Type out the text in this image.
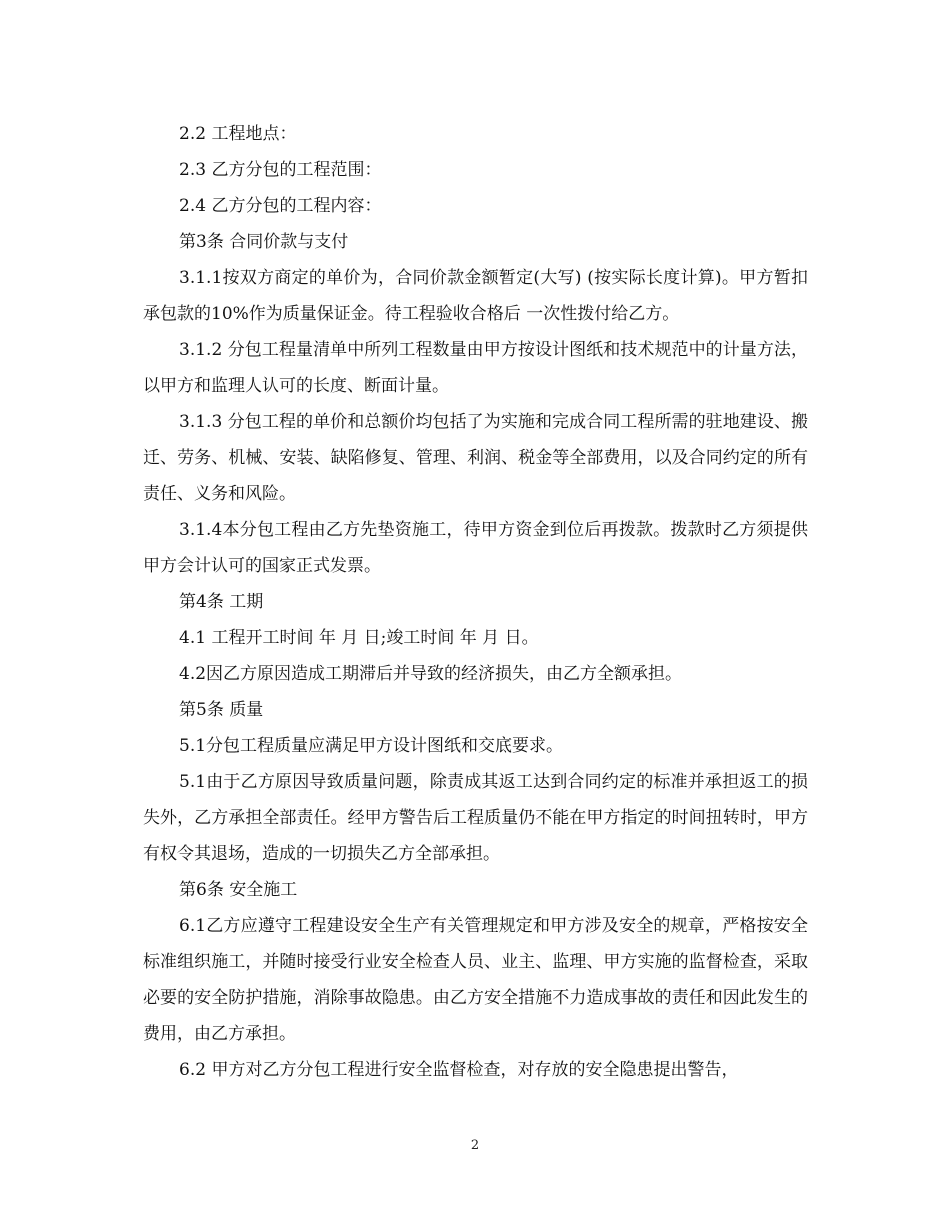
2.2 工程地点：

2.3 乙方分包的工程范围：

2.4 乙方分包的工程内容：

第3条 合同价款与支付

3.1.1按双方商定的单价为，合同价款金额暂定(大写) (按实际长度计算)。甲方暂扣承包款的10%作为质量保证金。待工程验收合格后 一次性拨付给乙方。

3.1.2 分包工程量清单中所列工程数量由甲方按设计图纸和技术规范中的计量方法，以甲方和监理人认可的长度、断面计量。

3.1.3 分包工程的单价和总额价均包括了为实施和完成合同工程所需的驻地建设、搬迁、劳务、机械、安装、缺陷修复、管理、利润、税金等全部费用，以及合同约定的所有责任、义务和风险。

3.1.4本分包工程由乙方先垫资施工，待甲方资金到位后再拨款。拨款时乙方须提供甲方会计认可的国家正式发票。

第4条 工期

4.1 工程开工时间 年 月 日;竣工时间 年 月 日。

4.2因乙方原因造成工期滞后并导致的经济损失，由乙方全额承担。

第5条 质量

5.1分包工程质量应满足甲方设计图纸和交底要求。

5.1由于乙方原因导致质量问题，除责成其返工达到合同约定的标准并承担返工的损失外，乙方承担全部责任。经甲方警告后工程质量仍不能在甲方指定的时间扭转时，甲方有权令其退场，造成的一切损失乙方全部承担。

第6条 安全施工

6.1乙方应遵守工程建设安全生产有关管理规定和甲方涉及安全的规章，严格按安全标准组织施工，并随时接受行业安全检查人员、业主、监理、甲方实施的监督检查，采取必要的安全防护措施，消除事故隐患。由乙方安全措施不力造成事故的责任和因此发生的费用，由乙方承担。

6.2 甲方对乙方分包工程进行安全监督检查，对存放的安全隐患提出警告，

2
